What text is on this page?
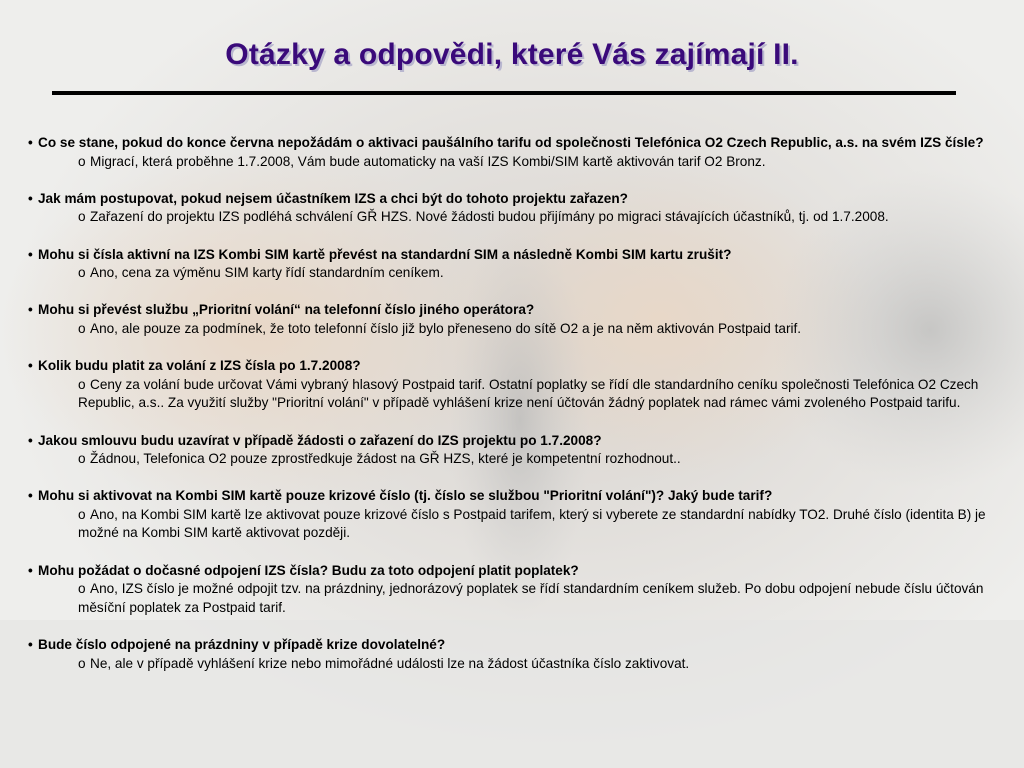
Otázky a odpovědi, které Vás zajímají II.
• Co se stane, pokud do konce června nepožádám o aktivaci paušálního tarifu od společnosti Telefónica O2 Czech Republic, a.s. na svém IZS čísle?
o Migrací, která proběhne 1.7.2008, Vám bude automaticky na vaší IZS Kombi/SIM kartě aktivován tarif O2 Bronz.
• Jak mám postupovat, pokud nejsem účastníkem IZS a chci být do tohoto projektu zařazen?
o Zařazení do projektu IZS podléhá schválení GŘ HZS. Nové žádosti budou přijímány po migraci stávajících účastníků, tj. od 1.7.2008.
• Mohu si čísla aktivní na IZS Kombi SIM kartě převést na standardní SIM a následně Kombi SIM kartu zrušit?
o Ano, cena za výměnu SIM karty řídí standardním ceníkem.
• Mohu si převést službu „Prioritní volání“ na telefonní číslo jiného operátora?
o Ano, ale pouze za podmínek, že toto telefonní číslo již bylo přeneseno do sítě O2 a je na něm aktivován Postpaid tarif.
• Kolik budu platit za volání z IZS čísla po 1.7.2008?
o Ceny za volání bude určovat Vámi vybraný hlasový Postpaid tarif. Ostatní poplatky se řídí dle standardního ceníku společnosti Telefónica O2 Czech Republic, a.s.. Za využití služby "Prioritní volání" v případě vyhlášení krize není účtován žádný poplatek nad rámec vámi zvoleného Postpaid tarifu.
• Jakou smlouvu budu uzavírat v případě žádosti o zařazení do IZS projektu po 1.7.2008?
o Žádnou, Telefonica O2 pouze zprostředkuje žádost na GŘ HZS, které je kompetentní rozhodnout..
• Mohu si aktivovat na Kombi SIM kartě pouze krizové číslo (tj. číslo se službou "Prioritní volání")? Jaký bude tarif?
o Ano, na Kombi SIM kartě lze aktivovat pouze krizové číslo s Postpaid tarifem, který si vyberete ze standardní nabídky TO2. Druhé číslo (identita B) je možné na Kombi SIM kartě aktivovat později.
• Mohu požádat o dočasné odpojení IZS čísla? Budu za toto odpojení platit poplatek?
o Ano, IZS číslo je možné odpojit tzv. na prázdniny, jednorázový poplatek se řídí standardním ceníkem služeb. Po dobu odpojení nebude číslu účtován měsíční poplatek za Postpaid tarif.
• Bude číslo odpojené na prázdniny v případě krize dovolatelné?
o Ne, ale v případě vyhlášení krize nebo mimořádné události lze na žádost účastníka číslo zaktivovat.
